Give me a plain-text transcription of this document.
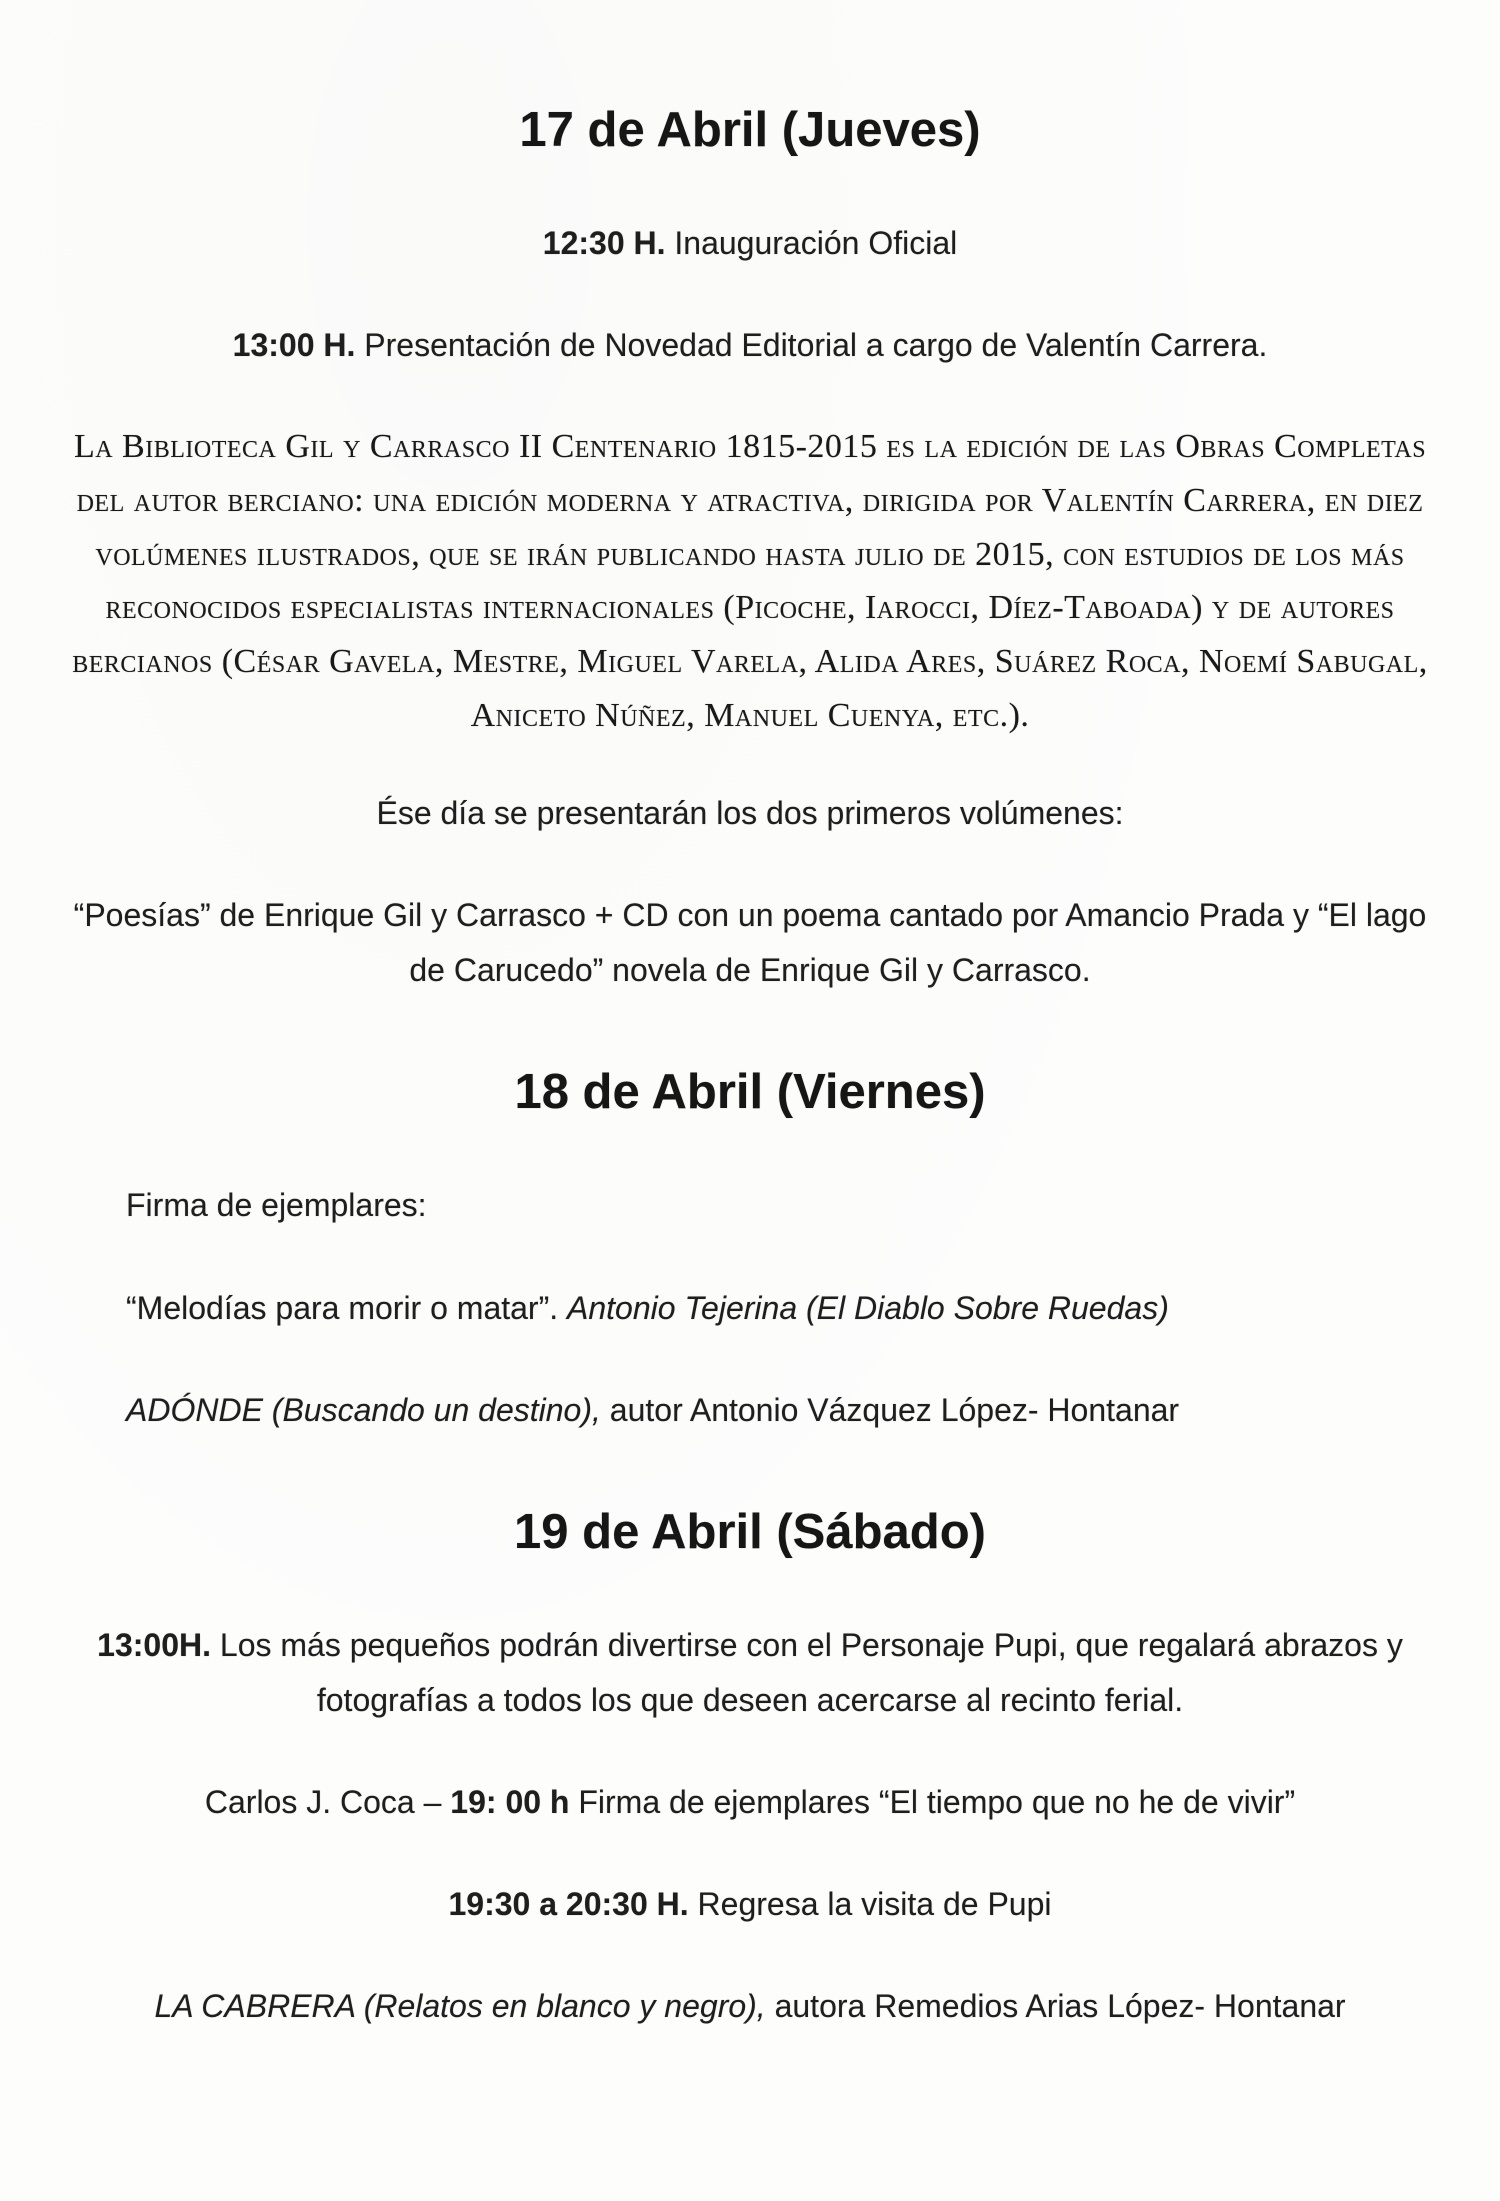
17 de Abril (Jueves)

12:30 H. Inauguración Oficial

13:00 H. Presentación de Novedad Editorial a cargo de Valentín Carrera.

La Biblioteca Gil y Carrasco II Centenario 1815-2015 es la edición de las Obras Completas del autor berciano: una edición moderna y atractiva, dirigida por Valentín Carrera, en diez volúmenes ilustrados, que se irán publicando hasta julio de 2015, con estudios de los más reconocidos especialistas internacionales (Picoche, Iarocci, Díez-Taboada) y de autores bercianos (César Gavela, Mestre, Miguel Varela, Alida Ares, Suárez Roca, Noemí Sabugal, Aniceto Núñez, Manuel Cuenya, etc.).

Ése día se presentarán los dos primeros volúmenes:

“Poesías” de Enrique Gil y Carrasco + CD con un poema cantado por Amancio Prada y “El lago de Carucedo” novela de Enrique Gil y Carrasco.

18 de Abril (Viernes)

Firma de ejemplares:

“Melodías para morir o matar”. Antonio Tejerina (El Diablo Sobre Ruedas)

ADÓNDE (Buscando un destino), autor Antonio Vázquez López- Hontanar

19 de Abril (Sábado)

13:00H. Los más pequeños podrán divertirse con el Personaje Pupi, que regalará abrazos y fotografías a todos los que deseen acercarse al recinto ferial.

Carlos J. Coca – 19: 00 h Firma de ejemplares “El tiempo que no he de vivir”

19:30 a 20:30 H. Regresa la visita de Pupi

LA CABRERA (Relatos en blanco y negro), autora Remedios Arias López- Hontanar
